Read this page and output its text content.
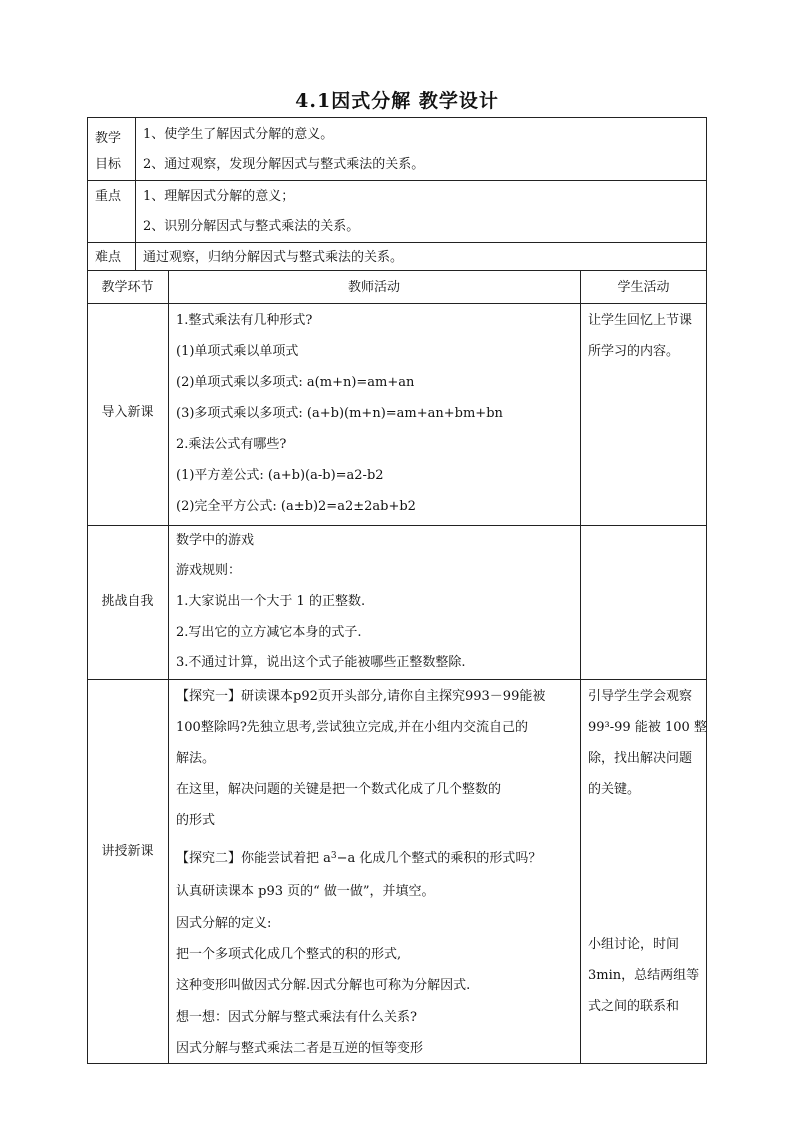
4.1因式分解 教学设计
教学
目标
1、使学生了解因式分解的意义。
2、通过观察，发现分解因式与整式乘法的关系。
重点 1、理解因式分解的意义；
2、识别分解因式与整式乘法的关系。
难点 通过观察，归纳分解因式与整式乘法的关系。
教学环节	教师活动	学生活动
导入新课
1.整式乘法有几种形式?
(1)单项式乘以单项式
(2)单项式乘以多项式: a(m+n)=am+an
(3)多项式乘以多项式: (a+b)(m+n)=am+an+bm+bn
2.乘法公式有哪些?
(1)平方差公式: (a+b)(a-b)=a2-b2
(2)完全平方公式: (a±b)2=a2±2ab+b2
让学生回忆上节课
所学习的内容。
挑战自我
数学中的游戏
游戏规则：
1.大家说出一个大于 1 的正整数.
2.写出它的立方减它本身的式子.
3.不通过计算，说出这个式子能被哪些正整数整除.
讲授新课
【探究一】研读课本p92页开头部分,请你自主探究993－99能被
100整除吗?先独立思考,尝试独立完成,并在小组内交流自己的
解法。
在这里，解决问题的关键是把一个数式化成了几个整数的
的形式
【探究二】你能尝试着把 $a^3-a$ 化成几个整式的乘积的形式吗？
认真研读课本 p93 页的“ 做一做”，并填空。
因式分解的定义:
把一个多项式化成几个整式的积的形式,
这种变形叫做因式分解.因式分解也可称为分解因式.
想一想：因式分解与整式乘法有什么关系?
因式分解与整式乘法二者是互逆的恒等变形
引导学生学会观察
99³-99 能被 100 整
除，找出解决问题
的关键。
小组讨论，时间
3min，总结两组等
式之间的联系和
